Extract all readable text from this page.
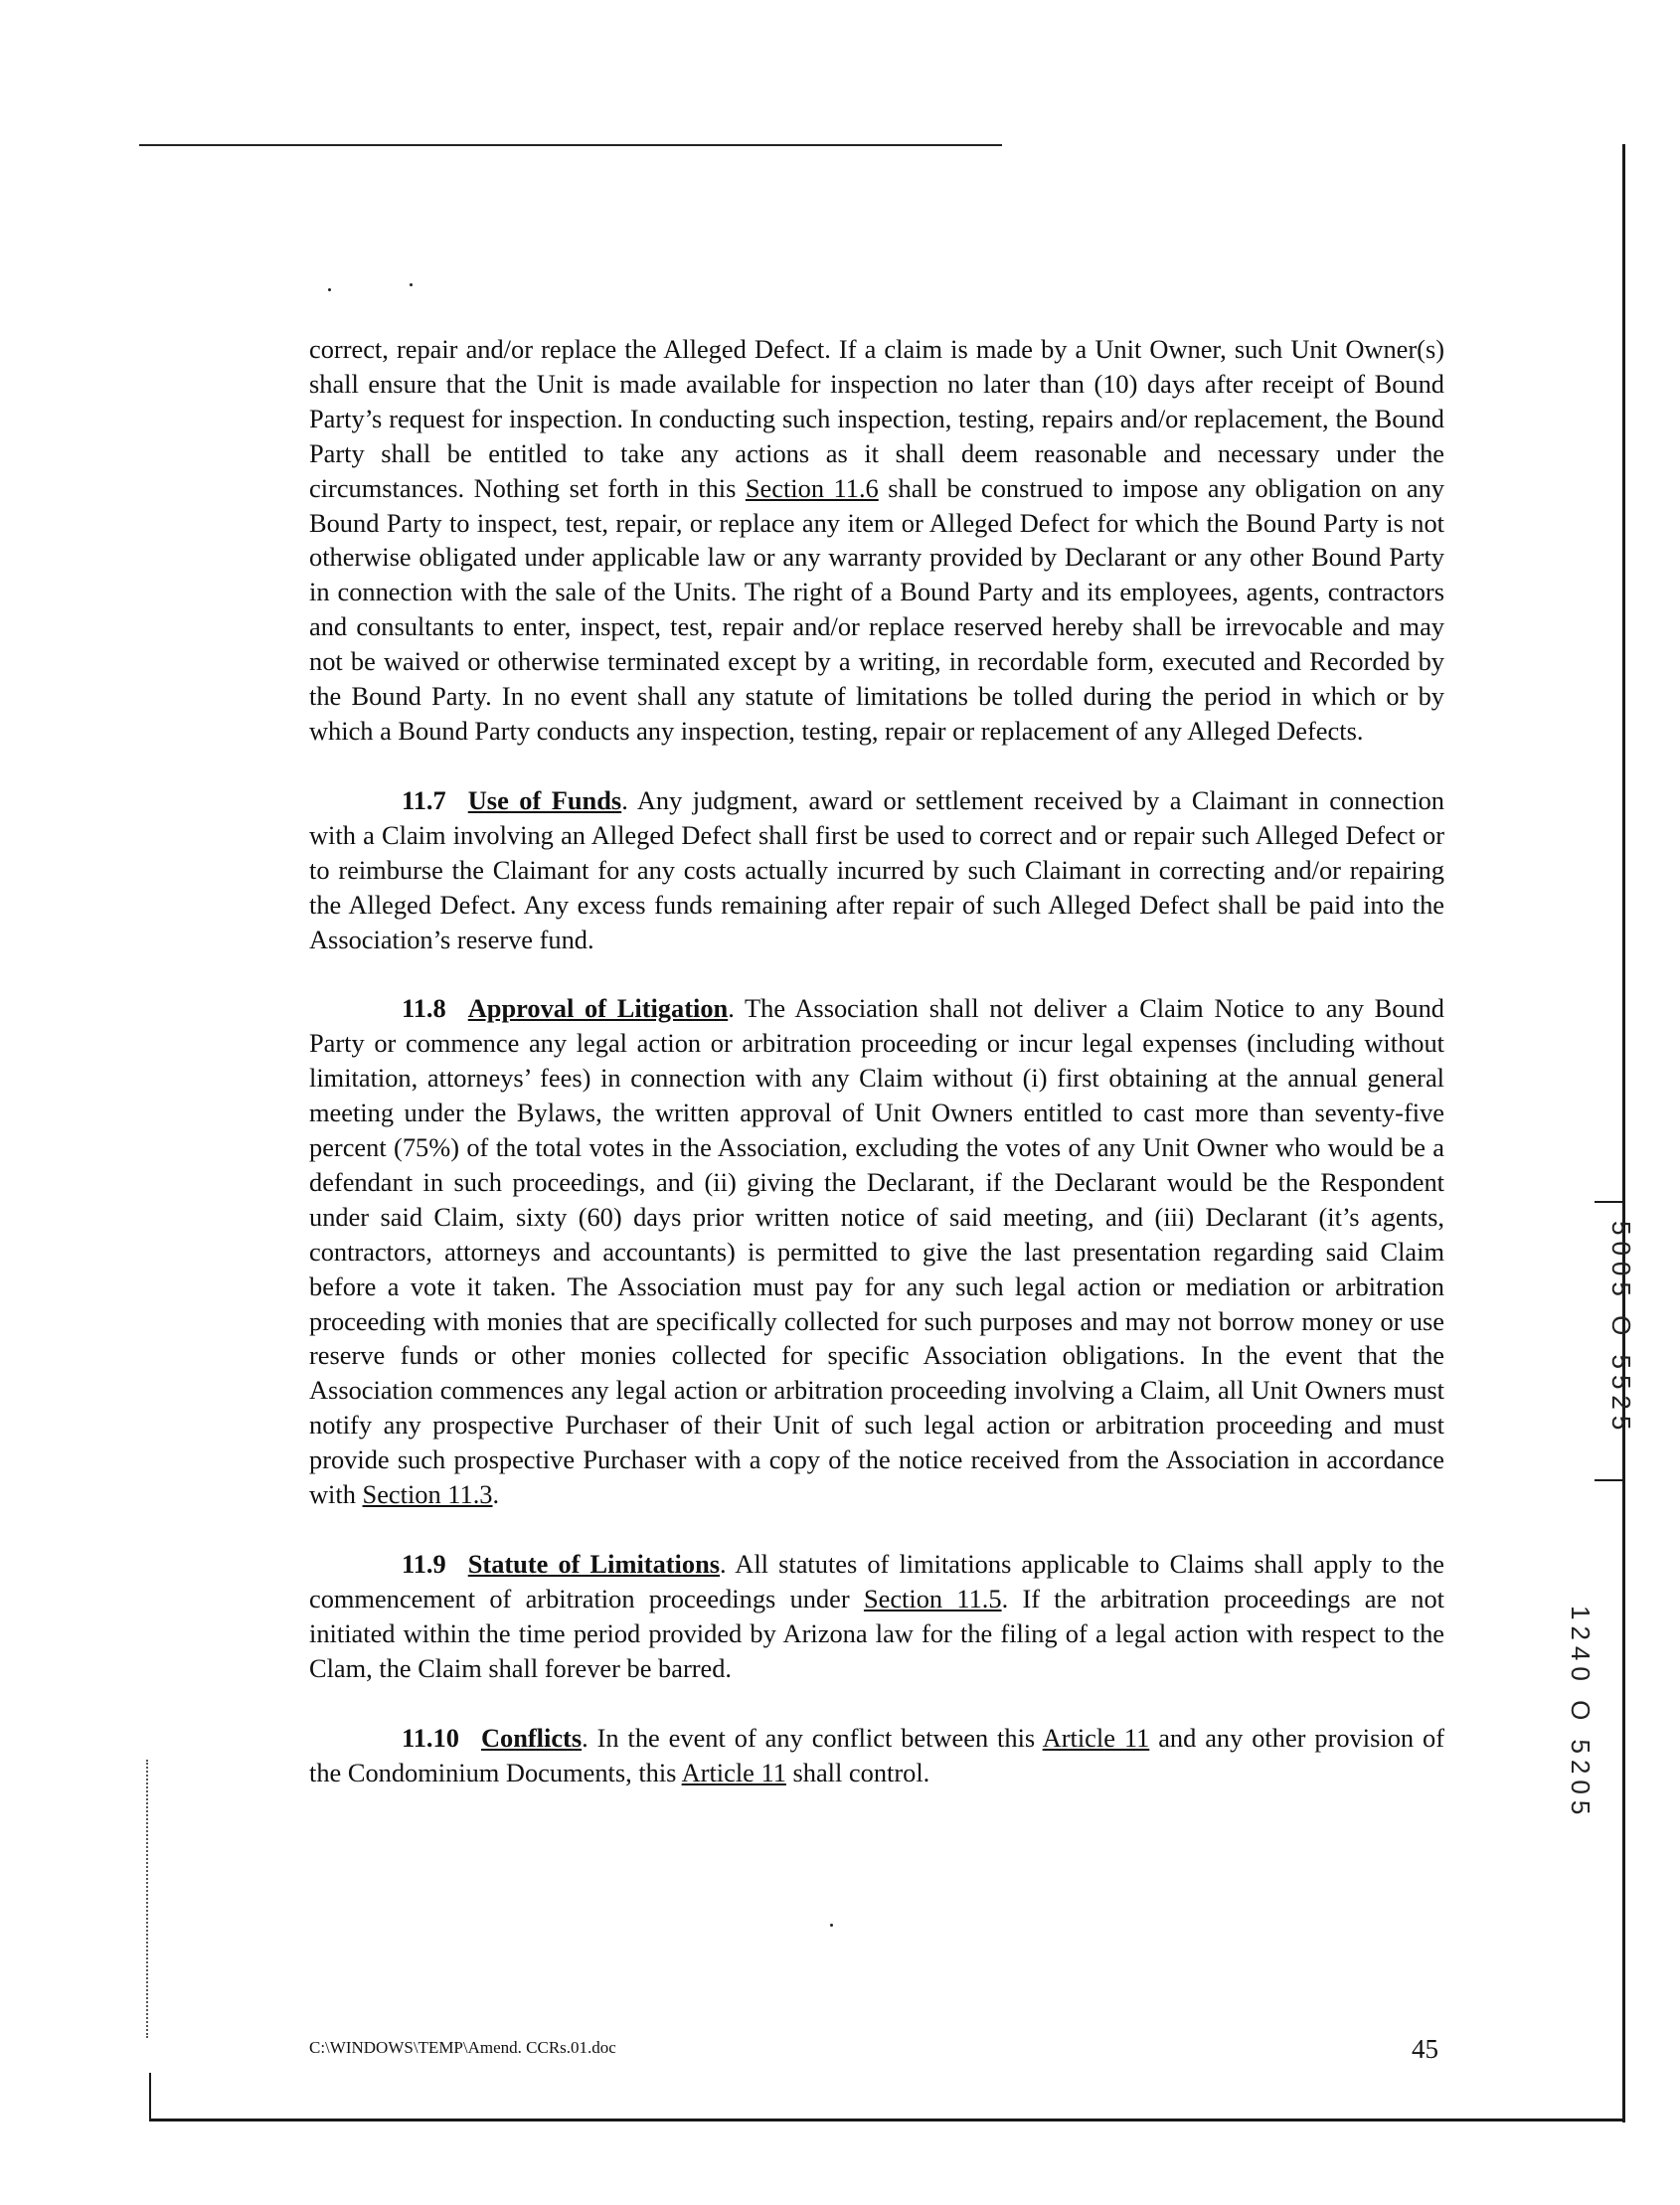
correct, repair and/or replace the Alleged Defect. If a claim is made by a Unit Owner, such Unit Owner(s) shall ensure that the Unit is made available for inspection no later than (10) days after receipt of Bound Party’s request for inspection. In conducting such inspection, testing, repairs and/or replacement, the Bound Party shall be entitled to take any actions as it shall deem reasonable and necessary under the circumstances. Nothing set forth in this Section 11.6 shall be construed to impose any obligation on any Bound Party to inspect, test, repair, or replace any item or Alleged Defect for which the Bound Party is not otherwise obligated under applicable law or any warranty provided by Declarant or any other Bound Party in connection with the sale of the Units. The right of a Bound Party and its employees, agents, contractors and consultants to enter, inspect, test, repair and/or replace reserved hereby shall be irrevocable and may not be waived or otherwise terminated except by a writing, in recordable form, executed and Recorded by the Bound Party. In no event shall any statute of limitations be tolled during the period in which or by which a Bound Party conducts any inspection, testing, repair or replacement of any Alleged Defects.

11.7 Use of Funds. Any judgment, award or settlement received by a Claimant in connection with a Claim involving an Alleged Defect shall first be used to correct and or repair such Alleged Defect or to reimburse the Claimant for any costs actually incurred by such Claimant in correcting and/or repairing the Alleged Defect. Any excess funds remaining after repair of such Alleged Defect shall be paid into the Association’s reserve fund.

11.8 Approval of Litigation. The Association shall not deliver a Claim Notice to any Bound Party or commence any legal action or arbitration proceeding or incur legal expenses (including without limitation, attorneys’ fees) in connection with any Claim without (i) first obtaining at the annual general meeting under the Bylaws, the written approval of Unit Owners entitled to cast more than seventy-five percent (75%) of the total votes in the Association, excluding the votes of any Unit Owner who would be a defendant in such proceedings, and (ii) giving the Declarant, if the Declarant would be the Respondent under said Claim, sixty (60) days prior written notice of said meeting, and (iii) Declarant (it’s agents, contractors, attorneys and accountants) is permitted to give the last presentation regarding said Claim before a vote it taken. The Association must pay for any such legal action or mediation or arbitration proceeding with monies that are specifically collected for such purposes and may not borrow money or use reserve funds or other monies collected for specific Association obligations. In the event that the Association commences any legal action or arbitration proceeding involving a Claim, all Unit Owners must notify any prospective Purchaser of their Unit of such legal action or arbitration proceeding and must provide such prospective Purchaser with a copy of the notice received from the Association in accordance with Section 11.3.

11.9 Statute of Limitations. All statutes of limitations applicable to Claims shall apply to the commencement of arbitration proceedings under Section 11.5. If the arbitration proceedings are not initiated within the time period provided by Arizona law for the filing of a legal action with respect to the Clam, the Claim shall forever be barred.

11.10 Conflicts. In the event of any conflict between this Article 11 and any other provision of the Condominium Documents, this Article 11 shall control.

C:\WINDOWS\TEMP\Amend. CCRs.01.doc	45
5005 O 5525
1240 O 5205
